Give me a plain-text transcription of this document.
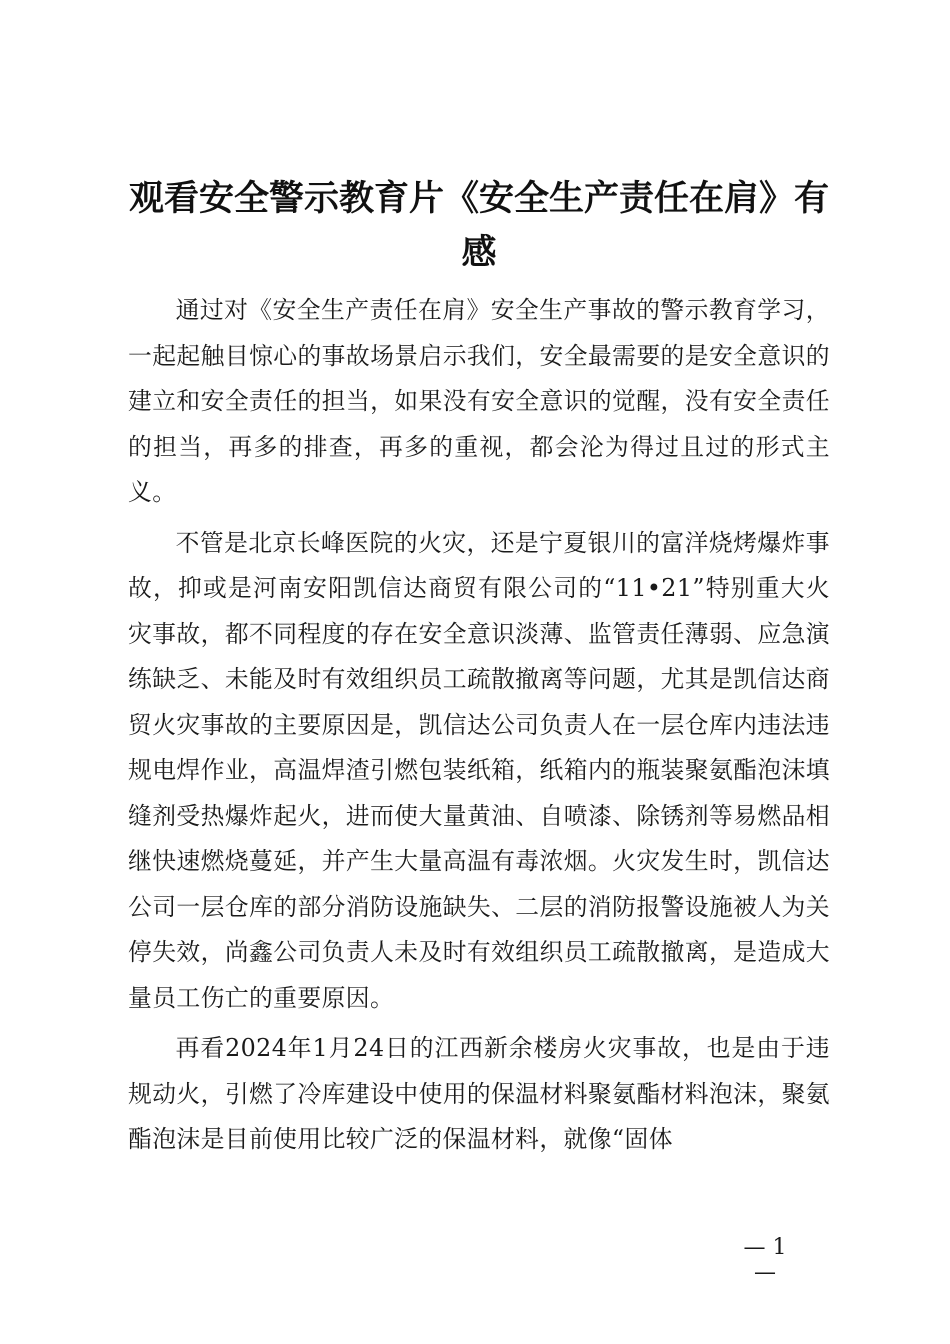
观看安全警示教育片《安全生产责任在肩》有感

通过对《安全生产责任在肩》安全生产事故的警示教育学习，一起起触目惊心的事故场景启示我们，安全最需要的是安全意识的建立和安全责任的担当，如果没有安全意识的觉醒，没有安全责任的担当，再多的排查，再多的重视，都会沦为得过且过的形式主义。

不管是北京长峰医院的火灾，还是宁夏银川的富洋烧烤爆炸事故，抑或是河南安阳凯信达商贸有限公司的“11•21”特别重大火灾事故，都不同程度的存在安全意识淡薄、监管责任薄弱、应急演练缺乏、未能及时有效组织员工疏散撤离等问题，尤其是凯信达商贸火灾事故的主要原因是，凯信达公司负责人在一层仓库内违法违规电焊作业，高温焊渣引燃包装纸箱，纸箱内的瓶装聚氨酯泡沫填缝剂受热爆炸起火，进而使大量黄油、自喷漆、除锈剂等易燃品相继快速燃烧蔓延，并产生大量高温有毒浓烟。火灾发生时，凯信达公司一层仓库的部分消防设施缺失、二层的消防报警设施被人为关停失效，尚鑫公司负责人未及时有效组织员工疏散撤离，是造成大量员工伤亡的重要原因。

再看2024年1月24日的江西新余楼房火灾事故，也是由于违规动火，引燃了冷库建设中使用的保温材料聚氨酯材料泡沫，聚氨酯泡沫是目前使用比较广泛的保温材料，就像“固体

— 1 —
